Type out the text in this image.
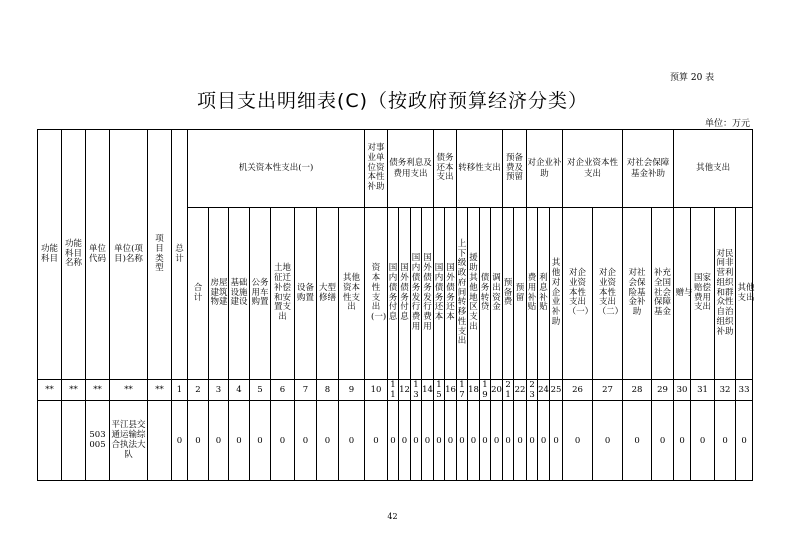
预算 20 表
项目支出明细表(C)（按政府预算经济分类）
单位：万元
功能科目	功能科目名称	单位代码	单位(项目)名称	项目类型	总计	机关资本性支出(一)								对事业单位资本性补助	债务利息及费用支出				债务还本支出		转移性支出				预备费及预留		对企业补助			对企业资本性支出		对社会保障基金补助		其他支出			
						合计	房屋建筑物建	基础设施建设	公务用车购置	土地征迁补偿和安置支出	设备购置	大型修缮	其他资本性支出	资本性支出(一)	国内债务付息	国外债务付息	国内债务发行费用	国外债务发行费用	国内债务还本	国外债务还本	上下级政府间转移性支出	援助其他地区支出	债务转贷	调出资金	预备费	预留	费用补贴	利息补贴	其他对企业补助	对企业资本性支出（一）	对企业资本性支出（二）	对社会保险基金补助	补充全国社会保障基金	赠与	国家赔偿费用支出	对民间非营利组织和群众性自治组织补助	其他支出
**	**	**	**	**	1	2	3	4	5	6	7	8	9	10	11	12	13	14	15	16	17	18	19	20	21	22	23	24	25	26	27	28	29	30	31	32	33
		503005	平江县交通运输综合执法大队		0	0	0	0	0	0	0	0	0	0	0	0	0	0	0	0	0	0	0	0	0	0	0	0	0	0	0	0	0	0	0	0	0
42
